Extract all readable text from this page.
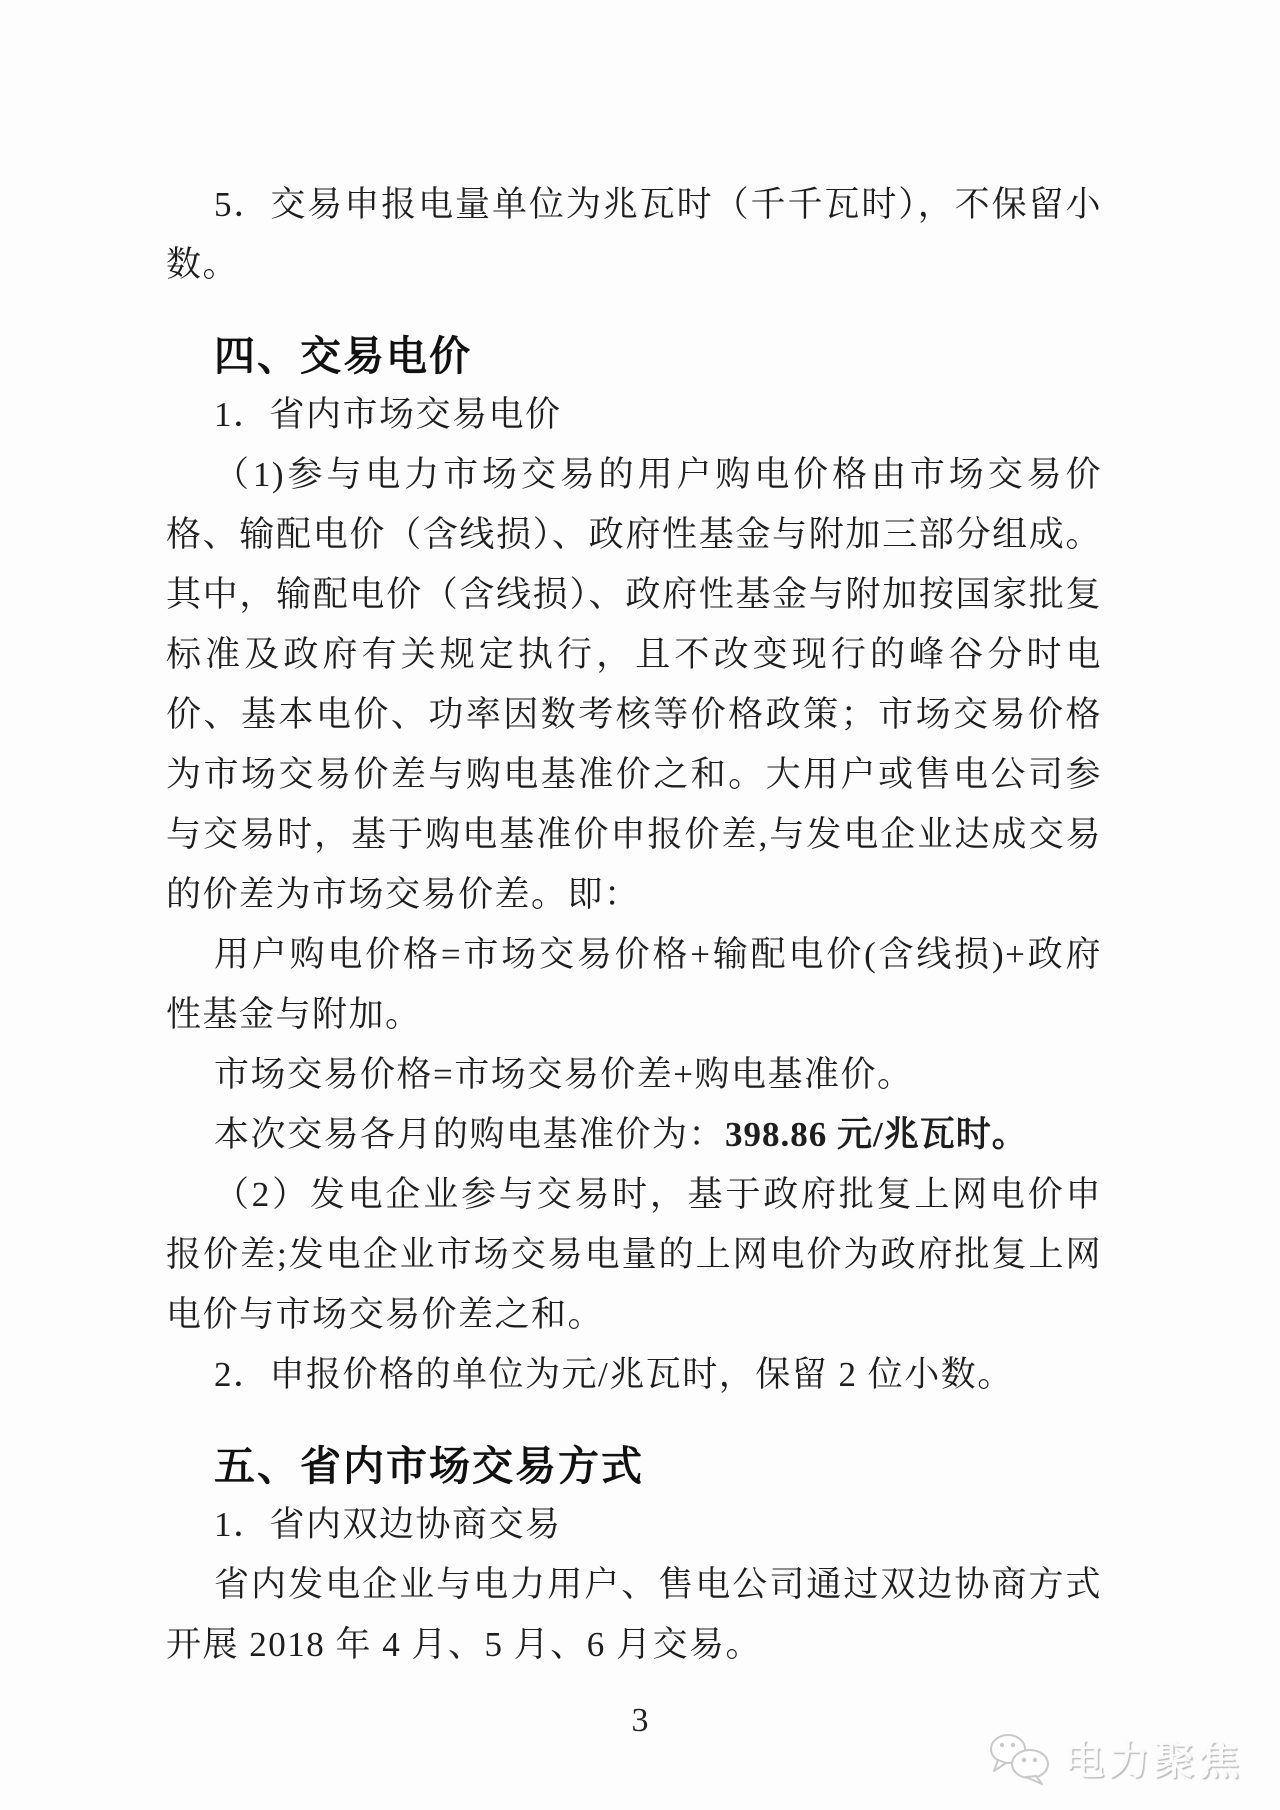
5．交易申报电量单位为兆瓦时（千千瓦时），不保留小数。

四、交易电价

1．省内市场交易电价

（1)参与电力市场交易的用户购电价格由市场交易价格、输配电价（含线损）、政府性基金与附加三部分组成。其中，输配电价（含线损）、政府性基金与附加按国家批复标准及政府有关规定执行，且不改变现行的峰谷分时电价、基本电价、功率因数考核等价格政策；市场交易价格为市场交易价差与购电基准价之和。大用户或售电公司参与交易时，基于购电基准价申报价差,与发电企业达成交易的价差为市场交易价差。即：

用户购电价格=市场交易价格+输配电价(含线损)+政府性基金与附加。

市场交易价格=市场交易价差+购电基准价。

本次交易各月的购电基准价为：398.86 元/兆瓦时。

（2）发电企业参与交易时，基于政府批复上网电价申报价差;发电企业市场交易电量的上网电价为政府批复上网电价与市场交易价差之和。

2．申报价格的单位为元/兆瓦时，保留 2 位小数。

五、省内市场交易方式

1．省内双边协商交易

省内发电企业与电力用户、售电公司通过双边协商方式开展 2018 年 4 月、5 月、6 月交易。

3
电力聚焦
